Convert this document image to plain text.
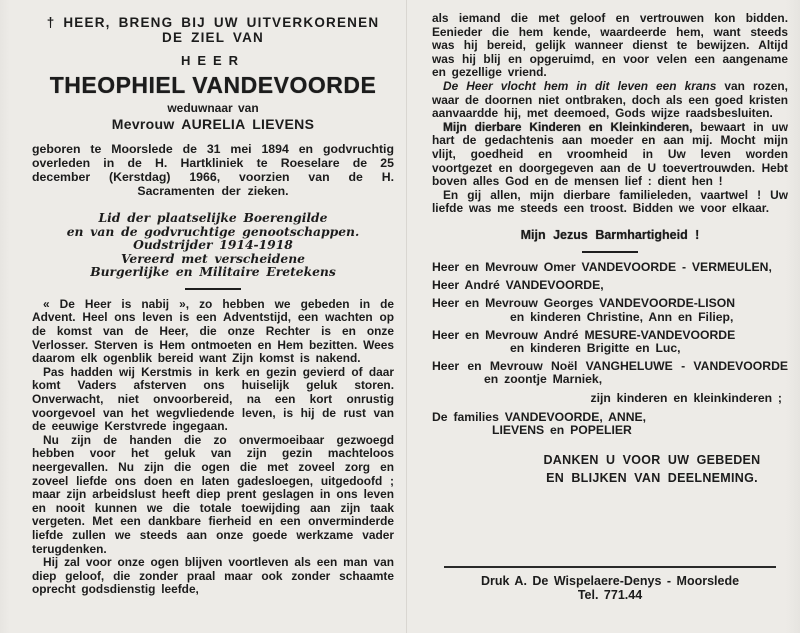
† HEER, BRENG BIJ UW UITVERKORENEN
DE ZIEL VAN
HEER
THEOPHIEL VANDEVOORDE
weduwnaar van
Mevrouw AURELIA LIEVENS

geboren te Moorslede de 31 mei 1894 en godvruchtig overleden in de H. Hartkliniek te Roeselare de 25 december (Kerstdag) 1966, voorzien van de H. Sacramenten der zieken.

Lid der plaatselijke Boerengilde
en van de godvruchtige genootschappen.
Oudstrijder 1914-1918
Vereerd met verscheidene
Burgerlijke en Militaire Eretekens

« De Heer is nabij », zo hebben we gebeden in de Advent. Heel ons leven is een Adventstijd, een wachten op de komst van de Heer, die onze Rechter is en onze Verlosser. Sterven is Hem ontmoeten en Hem bezitten. Wees daarom elk ogenblik bereid want Zijn komst is nakend.

Pas hadden wij Kerstmis in kerk en gezin gevierd of daar komt Vaders afsterven ons huiselijk geluk storen. Onverwacht, niet onvoorbereid, na een kort onrustig voorgevoel van het wegvliedende leven, is hij de rust van de eeuwige Kerstvrede ingegaan.

Nu zijn de handen die zo onvermoeibaar gezwoegd hebben voor het geluk van zijn gezin machteloos neergevallen. Nu zijn die ogen die met zoveel zorg en zoveel liefde ons doen en laten gadesloegen, uitgedoofd ; maar zijn arbeidslust heeft diep prent geslagen in ons leven en nooit kunnen we die totale toewijding aan zijn taak vergeten. Met een dankbare fierheid en een onverminderde liefde zullen we steeds aan onze goede werkzame vader terugdenken.

Hij zal voor onze ogen blijven voortleven als een man van diep geloof, die zonder praal maar ook zonder schaamte oprecht godsdienstig leefde,

als iemand die met geloof en vertrouwen kon bidden. Eenieder die hem kende, waardeerde hem, want steeds was hij bereid, gelijk wanneer dienst te bewijzen. Altijd was hij blij en opgeruimd, en voor velen een aangename en gezellige vriend.

De Heer vlocht hem in dit leven een krans van rozen, waar de doornen niet ontbraken, doch als een goed kristen aanvaardde hij, met deemoed, Gods wijze raadsbesluiten.

Mijn dierbare Kinderen en Kleinkinderen, bewaart in uw hart de gedachtenis aan moeder en aan mij. Mocht mijn vlijt, goedheid en vroomheid in Uw leven worden voortgezet en doorgegeven aan de U toevertrouwden. Hebt boven alles God en de mensen lief : dient hen !

En gij allen, mijn dierbare familieleden, vaartwel ! Uw liefde was me steeds een troost. Bidden we voor elkaar.

Mijn Jezus Barmhartigheid !

Heer en Mevrouw Omer VANDEVOORDE - VERMEULEN,

Heer André VANDEVOORDE,

Heer en Mevrouw Georges VANDEVOORDE-LISON
en kinderen Christine, Ann en Filiep,

Heer en Mevrouw André MESURE-VANDEVOORDE
en kinderen Brigitte en Luc,

Heer en Mevrouw Noël VANGHELUWE - VANDEVOORDE en zoontje Marniek,

zijn kinderen en kleinkinderen ;

De families VANDEVOORDE, ANNE,
LIEVENS en POPELIER

DANKEN U VOOR UW GEBEDEN
EN BLIJKEN VAN DEELNEMING.
Druk A. De Wispelaere-Denys - Moorslede
Tel. 771.44
